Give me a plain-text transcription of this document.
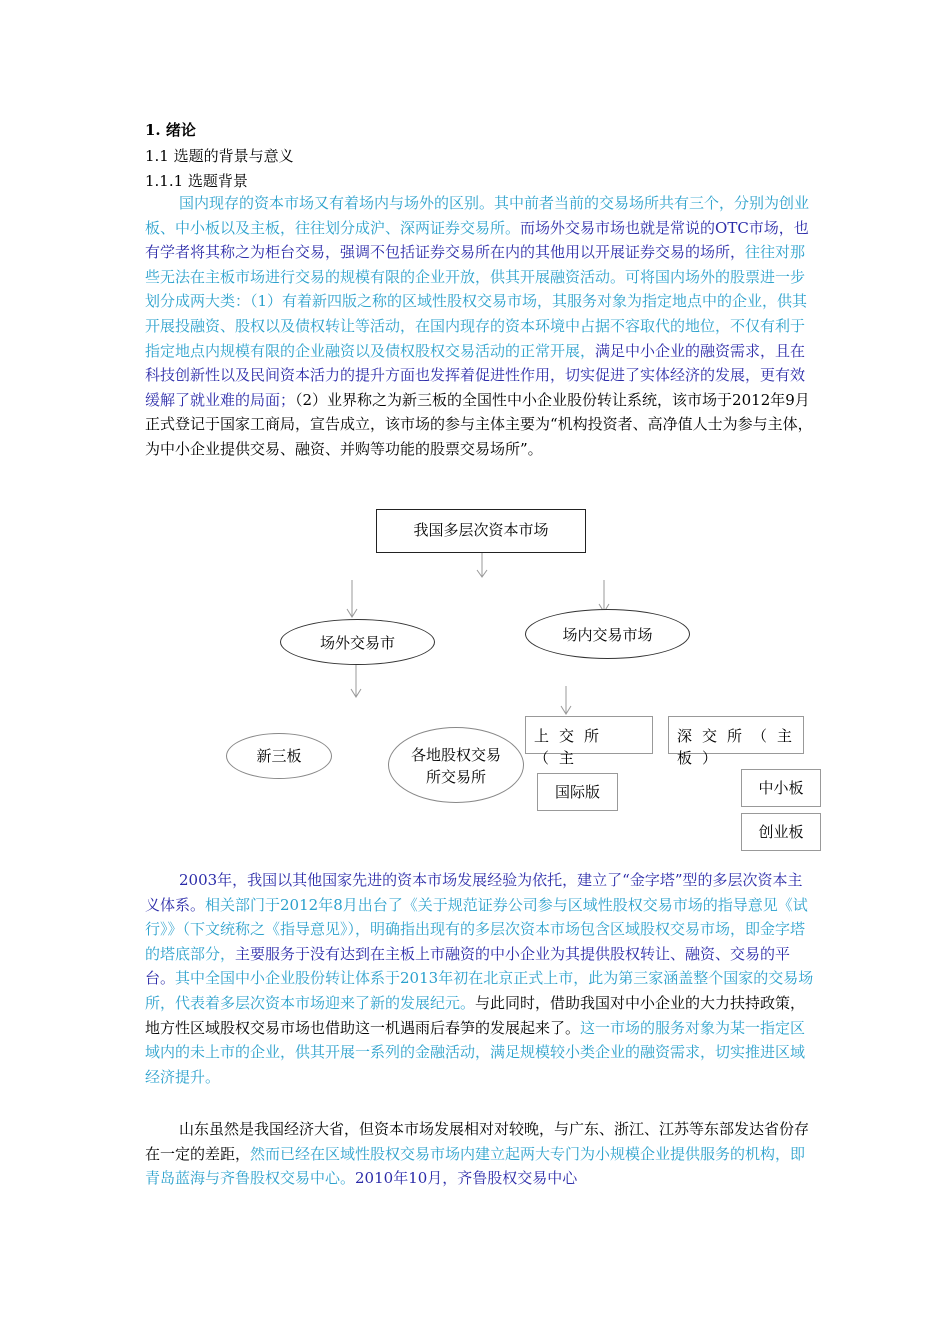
1. 绪论
1.1 选题的背景与意义
1.1.1 选题背景
国内现存的资本市场又有着场内与场外的区别。其中前者当前的交易场所共有三个，分别为创业板、中小板以及主板，往往划分成沪、深两证券交易所。而场外交易市场也就是常说的OTC市场，也有学者将其称之为柜台交易，强调不包括证券交易所在内的其他用以开展证券交易的场所，往往对那些无法在主板市场进行交易的规模有限的企业开放，供其开展融资活动。可将国内场外的股票进一步划分成两大类：（1）有着新四版之称的区域性股权交易市场，其服务对象为指定地点中的企业，供其开展投融资、股权以及债权转让等活动，在国内现存的资本环境中占据不容取代的地位，不仅有利于指定地点内规模有限的企业融资以及债权股权交易活动的正常开展，满足中小企业的融资需求，且在科技创新性以及民间资本活力的提升方面也发挥着促进性作用，切实促进了实体经济的发展，更有效缓解了就业难的局面；（2）业界称之为新三板的全国性中小企业股份转让系统，该市场于2012年9月正式登记于国家工商局，宣告成立，该市场的参与主体主要为“机构投资者、高净值人士为参与主体，为中小企业提供交易、融资、并购等功能的股票交易场所”。
我国多层次资本市场
场外交易市	场内交易市场
新三板	各地股权交易所交易所
上交所（主
深交所（主板）
国际版	中小板
创业板
2003年，我国以其他国家先进的资本市场发展经验为依托，建立了“金字塔”型的多层次资本主义体系。相关部门于2012年8月出台了《关于规范证券公司参与区域性股权交易市场的指导意见《试行》》（下文统称之《指导意见》），明确指出现有的多层次资本市场包含区域股权交易市场，即金字塔的塔底部分，主要服务于没有达到在主板上市融资的中小企业为其提供股权转让、融资、交易的平台。其中全国中小企业股份转让体系于2013年初在北京正式上市，此为第三家涵盖整个国家的交易场所，代表着多层次资本市场迎来了新的发展纪元。与此同时，借助我国对中小企业的大力扶持政策，地方性区域股权交易市场也借助这一机遇雨后春笋的发展起来了。这一市场的服务对象为某一指定区域内的未上市的企业，供其开展一系列的金融活动，满足规模较小类企业的融资需求，切实推进区域经济提升。
山东虽然是我国经济大省，但资本市场发展相对对较晚，与广东、浙江、江苏等东部发达省份存在一定的差距，然而已经在区域性股权交易市场内建立起两大专门为小规模企业提供服务的机构，即青岛蓝海与齐鲁股权交易中心。2010年10月，齐鲁股权交易中心
